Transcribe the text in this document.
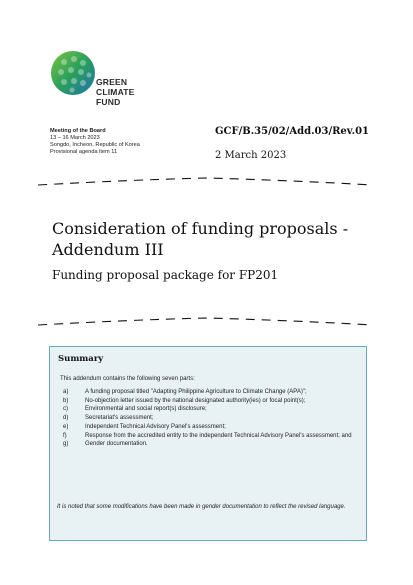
GREEN
CLIMATE
FUND
Meeting of the Board
13 – 16 March 2023
Songdo, Incheon, Republic of Korea
Provisional agenda item 11
GCF/B.35/02/Add.03/Rev.01
2 March 2023
Consideration of funding proposals - Addendum III
Funding proposal package for FP201
Summary
This addendum contains the following seven parts:
a)	A funding proposal titled "Adapting Philippine Agriculture to Climate Change (APA)";
b)	No-objection letter issued by the national designated authority(ies) or focal point(s);
c)	Environmental and social report(s) disclosure;
d)	Secretariat's assessment;
e)	Independent Technical Advisory Panel's assessment;
f)	Response from the accredited entity to the independent Technical Advisory Panel's assessment; and
g)	Gender documentation.
It is noted that some modifications have been made in gender documentation to reflect the revised language.
